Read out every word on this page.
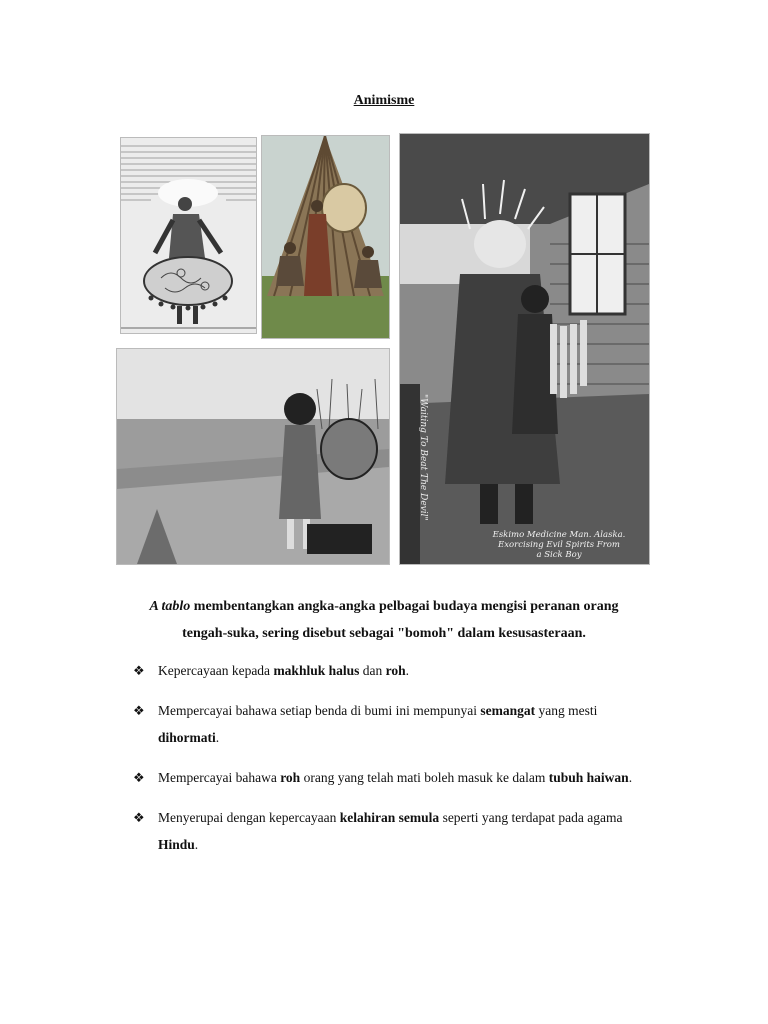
Animisme
"Waiting To Beat The Devil"
Eskimo Medicine Man. Alaska.
Exorcising Evil Spirits From
a Sick Boy
A tablo membentangkan angka-angka pelbagai budaya mengisi peranan orang
tengah-suka, sering disebut sebagai "bomoh" dalam kesusasteraan.
❖ Kepercayaan kepada makhluk halus dan roh.
❖ Mempercayai bahawa setiap benda di bumi ini mempunyai semangat yang mesti dihormati.
❖ Mempercayai bahawa roh orang yang telah mati boleh masuk ke dalam tubuh haiwan.
❖ Menyerupai dengan kepercayaan kelahiran semula seperti yang terdapat pada agama Hindu.
